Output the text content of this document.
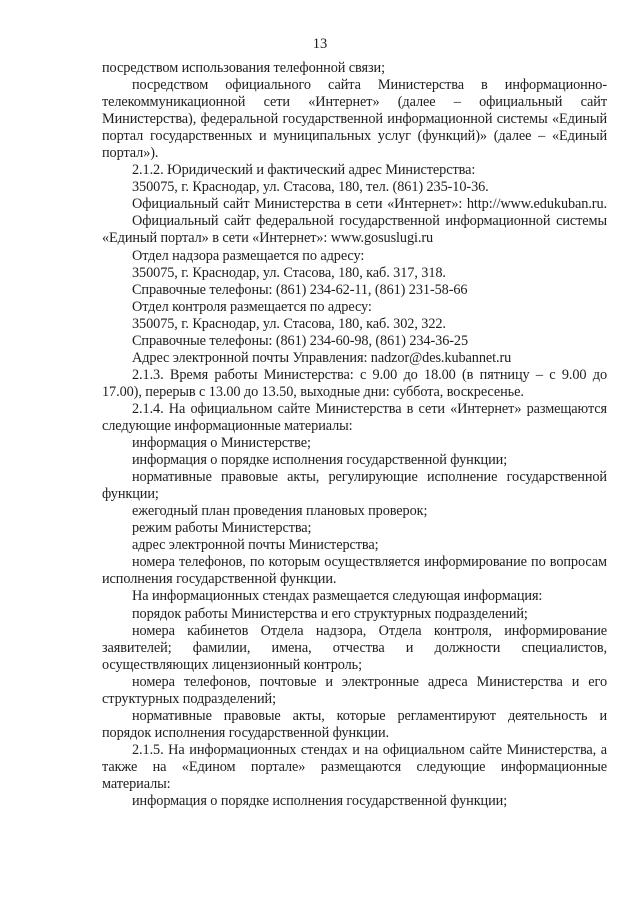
13

посредством использования телефонной связи;

посредством официального сайта Министерства в информационно-телекоммуникационной сети «Интернет» (далее – официальный сайт Министерства), федеральной государственной информационной системы «Единый портал государственных и муниципальных услуг (функций)» (далее – «Единый портал»).

2.1.2. Юридический и фактический адрес Министерства:

350075, г. Краснодар, ул. Стасова, 180, тел. (861) 235-10-36.

Официальный сайт Министерства в сети «Интернет»: http://www.edukuban.ru.

Официальный сайт федеральной государственной информационной системы «Единый портал» в сети «Интернет»: www.gosuslugi.ru

Отдел надзора размещается по адресу:

350075, г. Краснодар, ул. Стасова, 180, каб. 317, 318.

Справочные телефоны: (861) 234-62-11, (861) 231-58-66

Отдел контроля размещается по адресу:

350075, г. Краснодар, ул. Стасова, 180, каб. 302, 322.

Справочные телефоны: (861) 234-60-98, (861) 234-36-25

Адрес электронной почты Управления: nadzor@des.kubannet.ru

2.1.3. Время работы Министерства: с 9.00 до 18.00 (в пятницу – с 9.00 до 17.00), перерыв с 13.00 до 13.50, выходные дни: суббота, воскресенье.

2.1.4. На официальном сайте Министерства в сети «Интернет» размещаются следующие информационные материалы:

информация о Министерстве;

информация о порядке исполнения государственной функции;

нормативные правовые акты, регулирующие исполнение государственной функции;

ежегодный план проведения плановых проверок;

режим работы Министерства;

адрес электронной почты Министерства;

номера телефонов, по которым осуществляется информирование по вопросам исполнения государственной функции.

На информационных стендах размещается следующая информация:

порядок работы Министерства и его структурных подразделений;

номера кабинетов Отдела надзора, Отдела контроля, информирование заявителей; фамилии, имена, отчества и должности специалистов, осуществляющих лицензионный контроль;

номера телефонов, почтовые и электронные адреса Министерства и его структурных подразделений;

нормативные правовые акты, которые регламентируют деятельность и порядок исполнения государственной функции.

2.1.5. На информационных стендах и на официальном сайте Министерства, а также на «Едином портале» размещаются следующие информационные материалы:

информация о порядке исполнения государственной функции;
